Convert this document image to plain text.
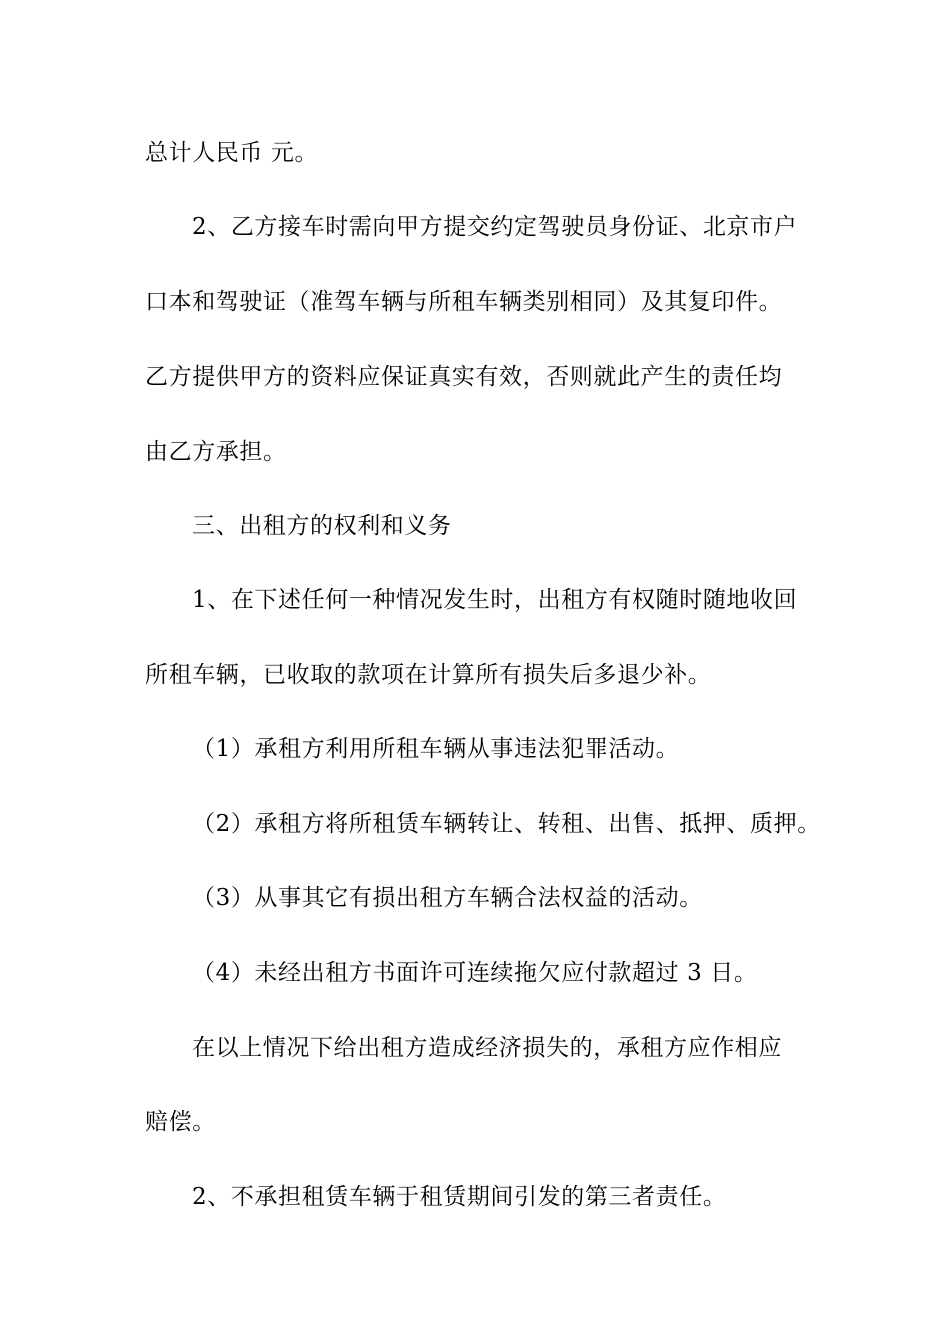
总计人民币 元。
2、乙方接车时需向甲方提交约定驾驶员身份证、北京市户
口本和驾驶证（准驾车辆与所租车辆类别相同）及其复印件。
乙方提供甲方的资料应保证真实有效，否则就此产生的责任均
由乙方承担。
三、出租方的权利和义务
1、在下述任何一种情况发生时，出租方有权随时随地收回
所租车辆，已收取的款项在计算所有损失后多退少补。
（1）承租方利用所租车辆从事违法犯罪活动。
（2）承租方将所租赁车辆转让、转租、出售、抵押、质押。
（3）从事其它有损出租方车辆合法权益的活动。
（4）未经出租方书面许可连续拖欠应付款超过 3 日。
在以上情况下给出租方造成经济损失的，承租方应作相应
赔偿。
2、不承担租赁车辆于租赁期间引发的第三者责任。
